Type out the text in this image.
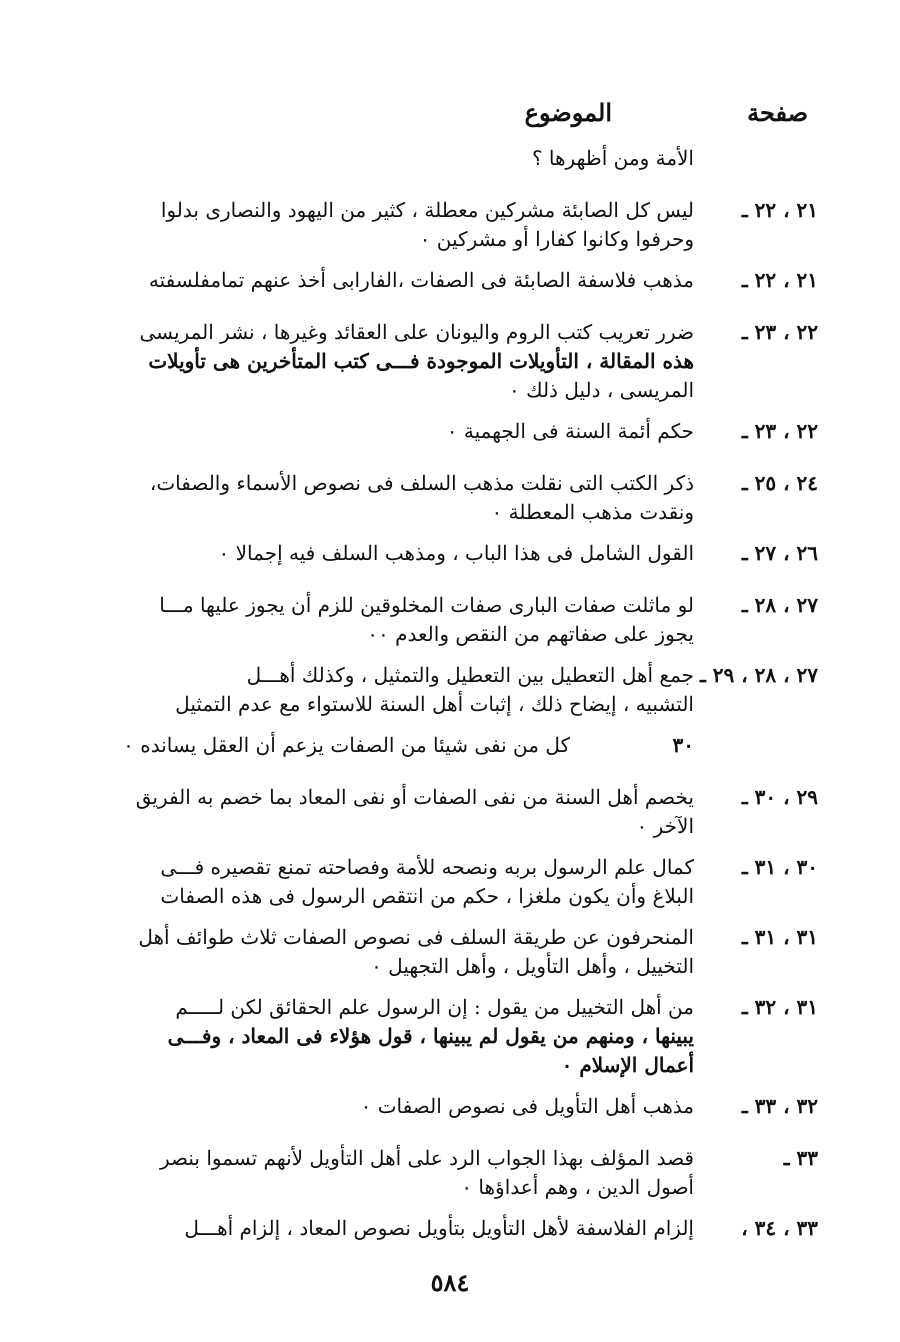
صفحة
الموضوع
الأمة ومن أظهرها ؟
٢١ ، ٢٢ ـ
ليس كل الصابئة مشركين معطلة ، كثير من اليهود والنصارى بدلوا
وحرفوا وكانوا كفارا أو مشركين ٠
٢١ ، ٢٢ ـ
مذهب فلاسفة الصابئة فى الصفات ،الفارابى أخذ عنهم تمامفلسفته
٢٢ ، ٢٣ ـ
ضرر تعريب كتب الروم واليونان على العقائد وغيرها ، نشر المريسى
هذه المقالة ، التأويلات الموجودة فـــى كتب المتأخرين هى تأويلات
المريسى ، دليل ذلك ٠
٢٢ ، ٢٣ ـ
حكم أئمة السنة فى الجهمية ٠
٢٤ ، ٢٥ ـ
ذكر الكتب التى نقلت مذهب السلف فى نصوص الأسماء والصفات،
ونقدت مذهب المعطلة ٠
٢٦ ، ٢٧ ـ
القول الشامل فى هذا الباب ، ومذهب السلف فيه إجمالا ٠
٢٧ ، ٢٨ ـ
لو ماثلت صفات البارى صفات المخلوقين للزم أن يجوز عليها مـــا
يجوز على صفاتهم من النقص والعدم ٠٠
٢٧ ، ٢٨ ، ٢٩ ـ
جمع أهل التعطيل بين التعطيل والتمثيل ، وكذلك أهـــل
التشبيه ، إيضاح ذلك ، إثبات أهل السنة للاستواء مع عدم التمثيل
٣٠
كل من نفى شيئا من الصفات يزعم أن العقل يسانده ٠
٢٩ ، ٣٠ ـ
يخصم أهل السنة من نفى الصفات أو نفى المعاد بما خصم به الفريق
الآخر ٠
٣٠ ، ٣١ ـ
كمال علم الرسول بربه ونصحه للأمة وفصاحته تمنع تقصيره فـــى
البلاغ وأن يكون ملغزا ، حكم من انتقص الرسول فى هذه الصفات
٣١ ، ٣١ ـ
المنحرفون عن طريقة السلف فى نصوص الصفات ثلاث طوائف أهل
التخييل ، وأهل التأويل ، وأهل التجهيل ٠
٣١ ، ٣٢ ـ
من أهل التخييل من يقول : إن الرسول علم الحقائق لكن لـــــم
يبينها ، ومنهم من يقول لم يبينها ، قول هؤلاء فى المعاد ، وفـــى
أعمال الإسلام ٠
٣٢ ، ٣٣ ـ
مذهب أهل التأويل فى نصوص الصفات ٠
٣٣ ـ
قصد المؤلف بهذا الجواب الرد على أهل التأويل لأنهم تسموا بنصر
أصول الدين ، وهم أعداؤها ٠
٣٣ ، ٣٤ ،
إلزام الفلاسفة لأهل التأويل بتأويل نصوص المعاد ، إلزام أهـــل
٥٨٤
